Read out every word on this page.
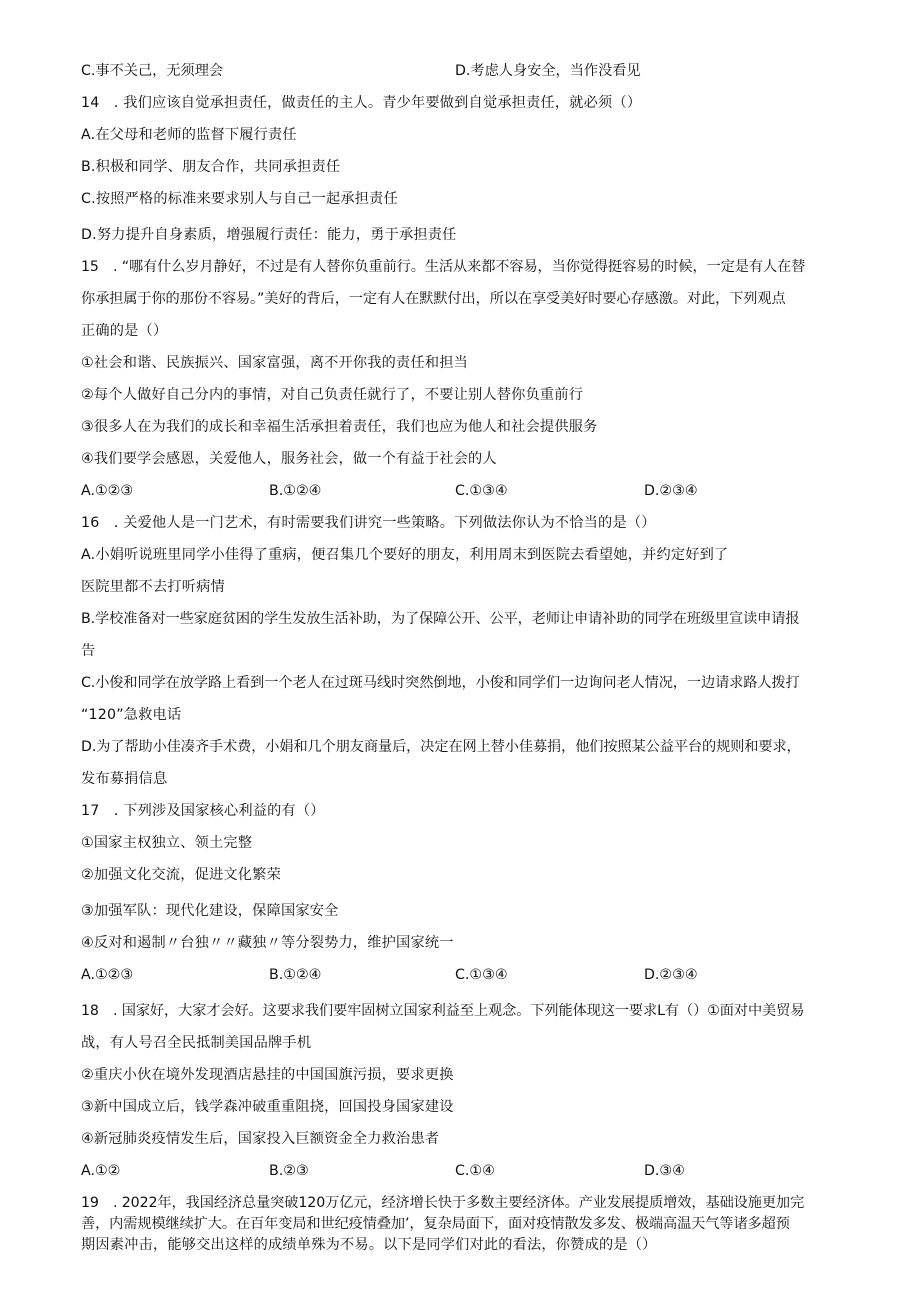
C.事不关己，无须理会	D.考虑人身安全，当作没看见
14　. 我们应该自觉承担责任，做责任的主人。青少年要做到自觉承担责任，就必须（）
A.在父母和老师的监督下履行责任
B.积极和同学、朋友合作，共同承担责任
C.按照严格的标准来要求别人与自己一起承担责任
D.努力提升自身素质，增强履行责任：能力，勇于承担责任
15　. “哪有什么岁月静好，不过是有人替你负重前行。生活从来都不容易，当你觉得挺容易的时候，一定是有人在替
你承担属于你的那份不容易。”美好的背后，一定有人在默默付出，所以在享受美好时要心存感激。对此，下列观点
正确的是（）
①社会和谐、民族振兴、国家富强，离不开你我的责任和担当
②每个人做好自己分内的事情，对自己负责任就行了，不要让别人替你负重前行
③很多人在为我们的成长和幸福生活承担着责任，我们也应为他人和社会提供服务
④我们要学会感恩，关爱他人，服务社会，做一个有益于社会的人
A.①②③	B.①②④	C.①③④	D.②③④
16　. 关爱他人是一门艺术，有时需要我们讲究一些策略。下列做法你认为不恰当的是（）
A.小娟听说班里同学小佳得了重病，便召集几个要好的朋友，利用周末到医院去看望她，并约定好到了
医院里都不去打听病情
B.学校准备对一些家庭贫困的学生发放生活补助，为了保障公开、公平，老师让申请补助的同学在班级里宣读申请报
告
C.小俊和同学在放学路上看到一个老人在过斑马线时突然倒地，小俊和同学们一边询问老人情况，一边请求路人拨打
“120”急救电话
D.为了帮助小佳凑齐手术费，小娟和几个朋友商量后，决定在网上替小佳募捐，他们按照某公益平台的规则和要求，
发布募捐信息
17　. 下列涉及国家核心利益的有（）
①国家主权独立、领土完整
②加强文化交流，促进文化繁荣
③加强军队：现代化建设，保障国家安全
④反对和遏制〃台独〃〃藏独〃等分裂势力，维护国家统一
A.①②③	B.①②④	C.①③④	D.②③④
18　. 国家好，大家才会好。这要求我们要牢固树立国家利益至上观念。下列能体现这一要求L有（）①面对中美贸易
战，有人号召全民抵制美国品牌手机
②重庆小伙在境外发现酒店悬挂的中国国旗污损，要求更换
③新中国成立后，钱学森冲破重重阻挠，回国投身国家建设
④新冠肺炎疫情发生后，国家投入巨额资金全力救治患者
A.①②	B.②③	C.①④	D.③④
19　. 2022年，我国经济总量突破120万亿元，经济增长快于多数主要经济体。产业发展提质增效，基础设施更加完
善，内需规模继续扩大。在百年变局和世纪疫情叠加’，复杂局面下，面对疫情散发多发、极端高温天气等诸多超预
期因素冲击，能够交出这样的成绩单殊为不易。以下是同学们对此的看法，你赞成的是（）
